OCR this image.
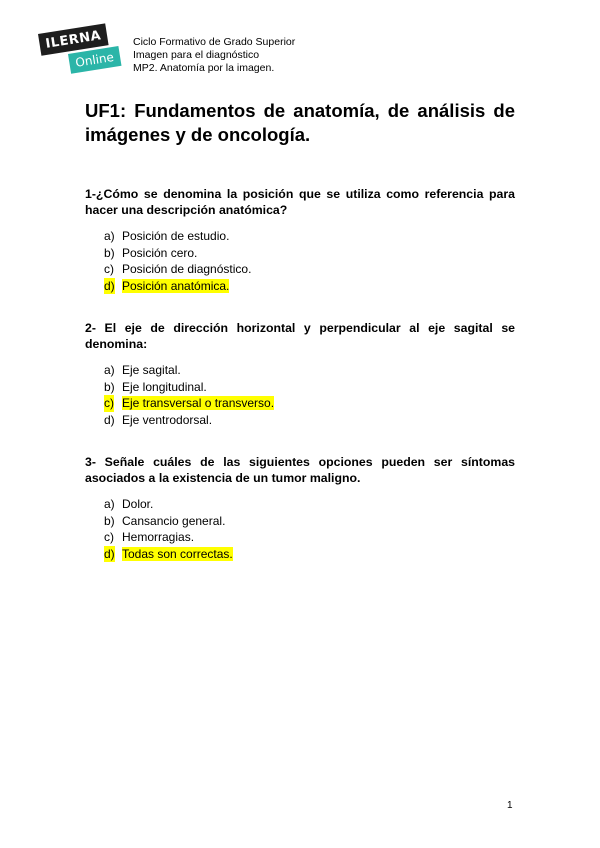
ILERNA
Online
Ciclo Formativo de Grado Superior
Imagen para el diagnóstico
MP2. Anatomía por la imagen.
UF1: Fundamentos de anatomía, de análisis de imágenes y de oncología.

1-¿Cómo se denomina la posición que se utiliza como referencia para hacer una descripción anatómica?

a) Posición de estudio.
b) Posición cero.
c) Posición de diagnóstico.
d) Posición anatómica.

2- El eje de dirección horizontal y perpendicular al eje sagital se denomina:

a) Eje sagital.
b) Eje longitudinal.
c) Eje transversal o transverso.
d) Eje ventrodorsal.

3- Señale cuáles de las siguientes opciones pueden ser síntomas asociados a la existencia de un tumor maligno.

a) Dolor.
b) Cansancio general.
c) Hemorragias.
d) Todas son correctas.
1
